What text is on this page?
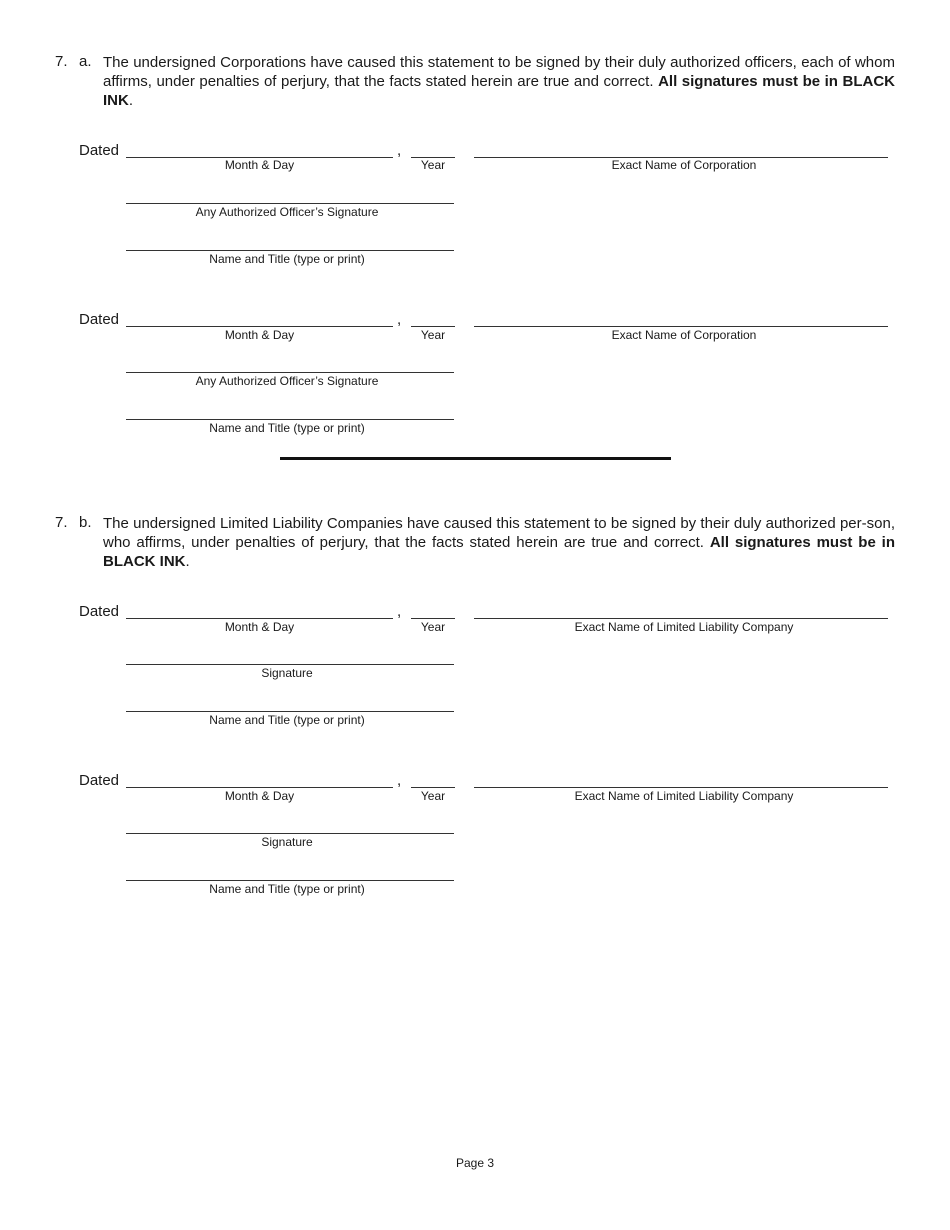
7. a. The undersigned Corporations have caused this statement to be signed by their duly authorized officers, each of whom affirms, under penalties of perjury, that the facts stated herein are true and correct. All signatures must be in BLACK INK.
Dated	,
Month & Day	Year	Exact Name of Corporation
Any Authorized Officer’s Signature
Name and Title (type or print)
Dated	,
Month & Day	Year	Exact Name of Corporation
Any Authorized Officer’s Signature
Name and Title (type or print)
7. b. The undersigned Limited Liability Companies have caused this statement to be signed by their duly authorized per-son, who affirms, under penalties of perjury, that the facts stated herein are true and correct. All signatures must be in BLACK INK.
Dated	,
Month & Day	Year	Exact Name of Limited Liability Company
Signature
Name and Title (type or print)
Dated	,
Month & Day	Year	Exact Name of Limited Liability Company
Signature
Name and Title (type or print)
Page 3
